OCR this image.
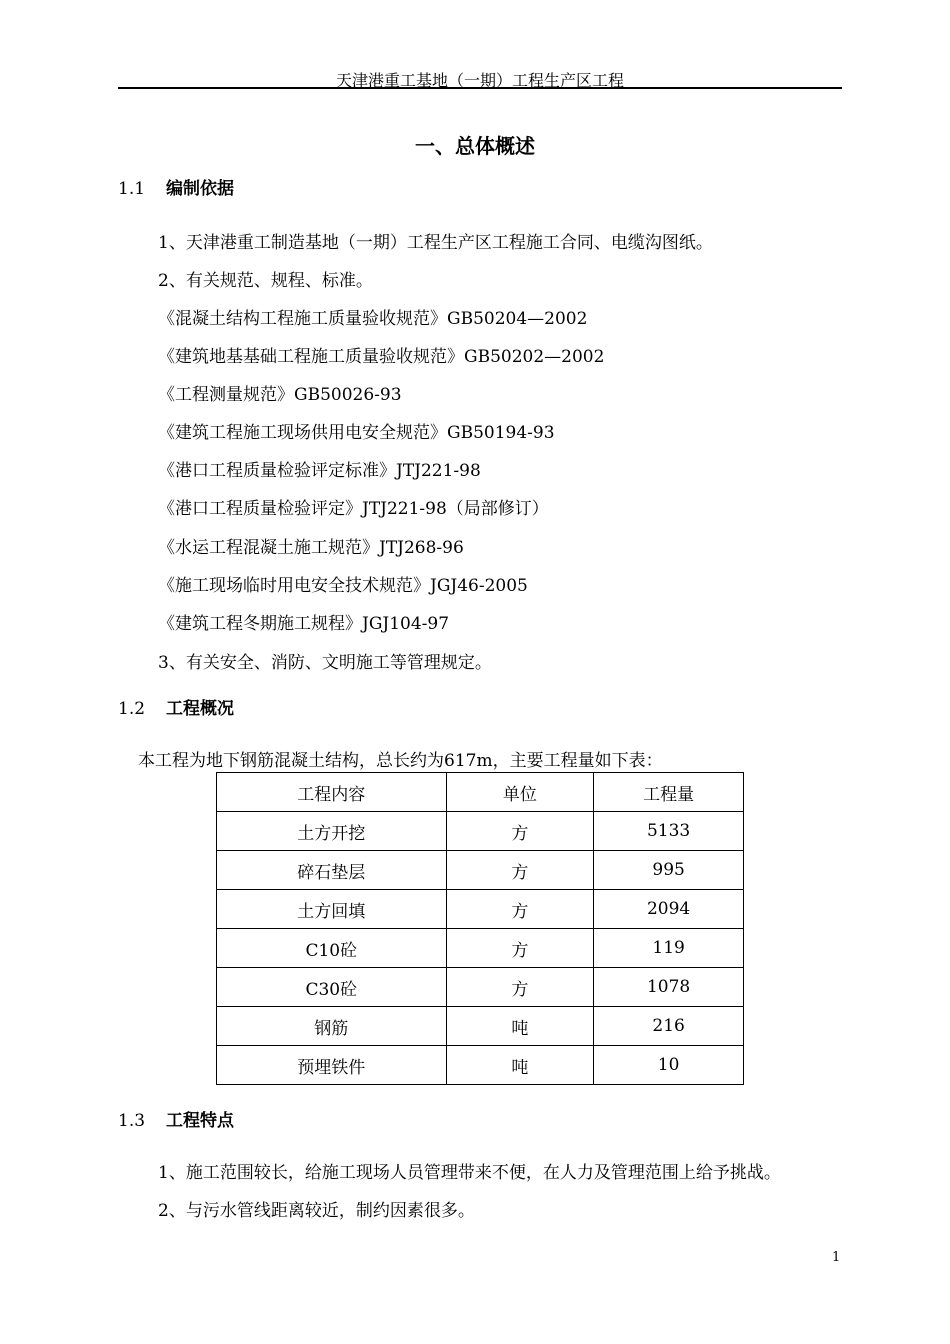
天津港重工基地（一期）工程生产区工程
一、总体概述
1.1 编制依据
1、天津港重工制造基地（一期）工程生产区工程施工合同、电缆沟图纸。
2、有关规范、规程、标准。
《混凝土结构工程施工质量验收规范》GB50204—2002
《建筑地基基础工程施工质量验收规范》GB50202—2002
《工程测量规范》GB50026-93
《建筑工程施工现场供用电安全规范》GB50194-93
《港口工程质量检验评定标准》JTJ221-98
《港口工程质量检验评定》JTJ221-98（局部修订）
《水运工程混凝土施工规范》JTJ268-96
《施工现场临时用电安全技术规范》JGJ46-2005
《建筑工程冬期施工规程》JGJ104-97
3、有关安全、消防、文明施工等管理规定。
1.2 工程概况
本工程为地下钢筋混凝土结构，总长约为617m，主要工程量如下表：
工程内容	单位	工程量
土方开挖	方	5133
碎石垫层	方	995
土方回填	方	2094
C10砼	方	119
C30砼	方	1078
钢筋	吨	216
预埋铁件	吨	10
1.3 工程特点
1、施工范围较长，给施工现场人员管理带来不便，在人力及管理范围上给予挑战。
2、与污水管线距离较近，制约因素很多。
1
